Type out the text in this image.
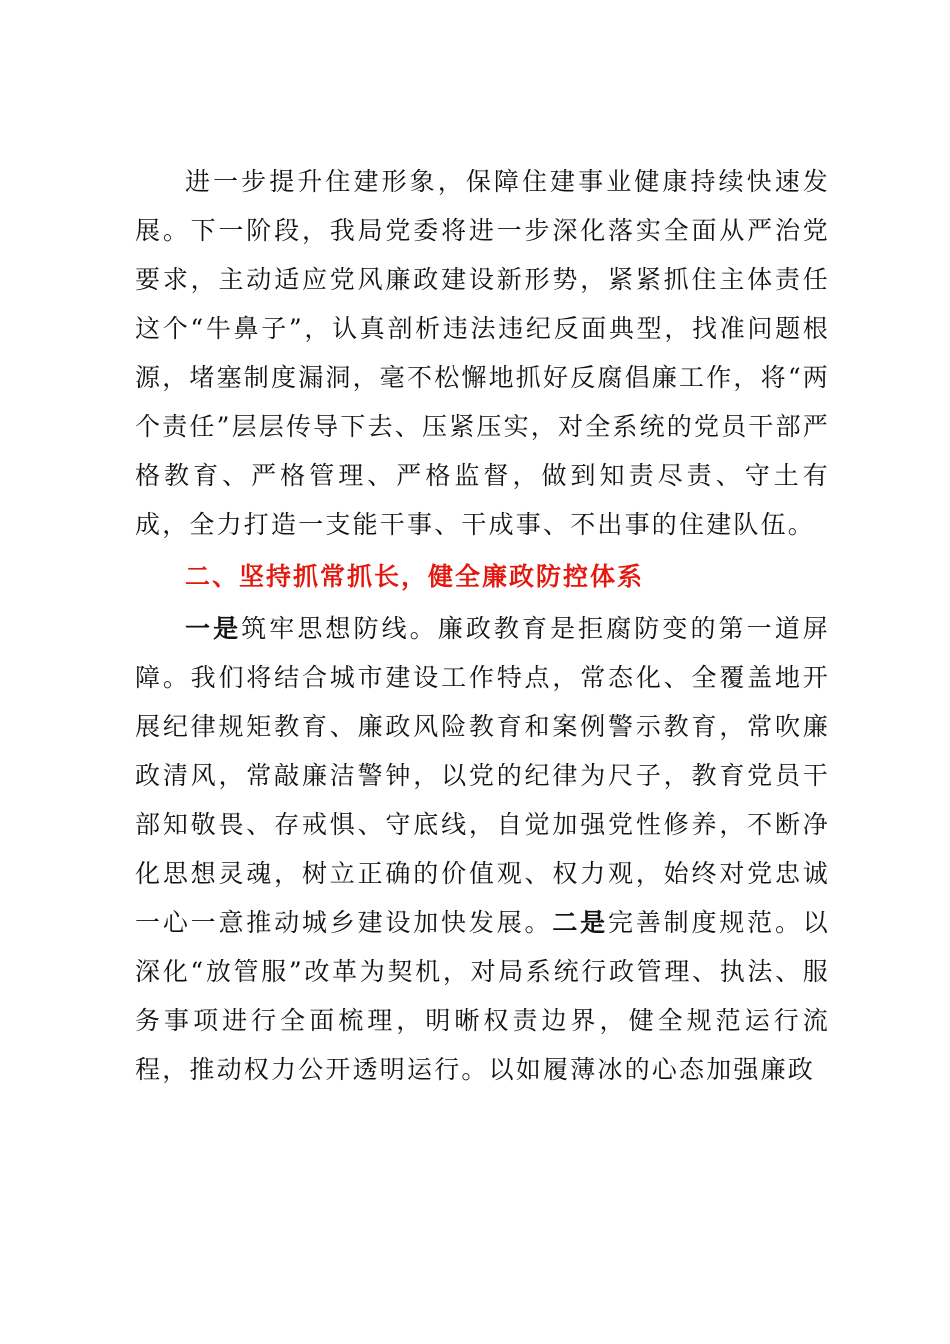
进一步提升住建形象，保障住建事业健康持续快速发展。下一阶段，我局党委将进一步深化落实全面从严治党要求，主动适应党风廉政建设新形势，紧紧抓住主体责任这个“牛鼻子”，认真剖析违法违纪反面典型，找准问题根源，堵塞制度漏洞，毫不松懈地抓好反腐倡廉工作，将“两个责任”层层传导下去、压紧压实，对全系统的党员干部严格教育、严格管理、严格监督，做到知责尽责、守土有成，全力打造一支能干事、干成事、不出事的住建队伍。

二、坚持抓常抓长，健全廉政防控体系

一是筑牢思想防线。廉政教育是拒腐防变的第一道屏障。我们将结合城市建设工作特点，常态化、全覆盖地开展纪律规矩教育、廉政风险教育和案例警示教育，常吹廉政清风，常敲廉洁警钟，以党的纪律为尺子，教育党员干部知敬畏、存戒惧、守底线，自觉加强党性修养，不断净化思想灵魂，树立正确的价值观、权力观，始终对党忠诚一心一意推动城乡建设加快发展。二是完善制度规范。以深化“放管服”改革为契机，对局系统行政管理、执法、服务事项进行全面梳理，明晰权责边界，健全规范运行流程，推动权力公开透明运行。以如履薄冰的心态加强廉政
